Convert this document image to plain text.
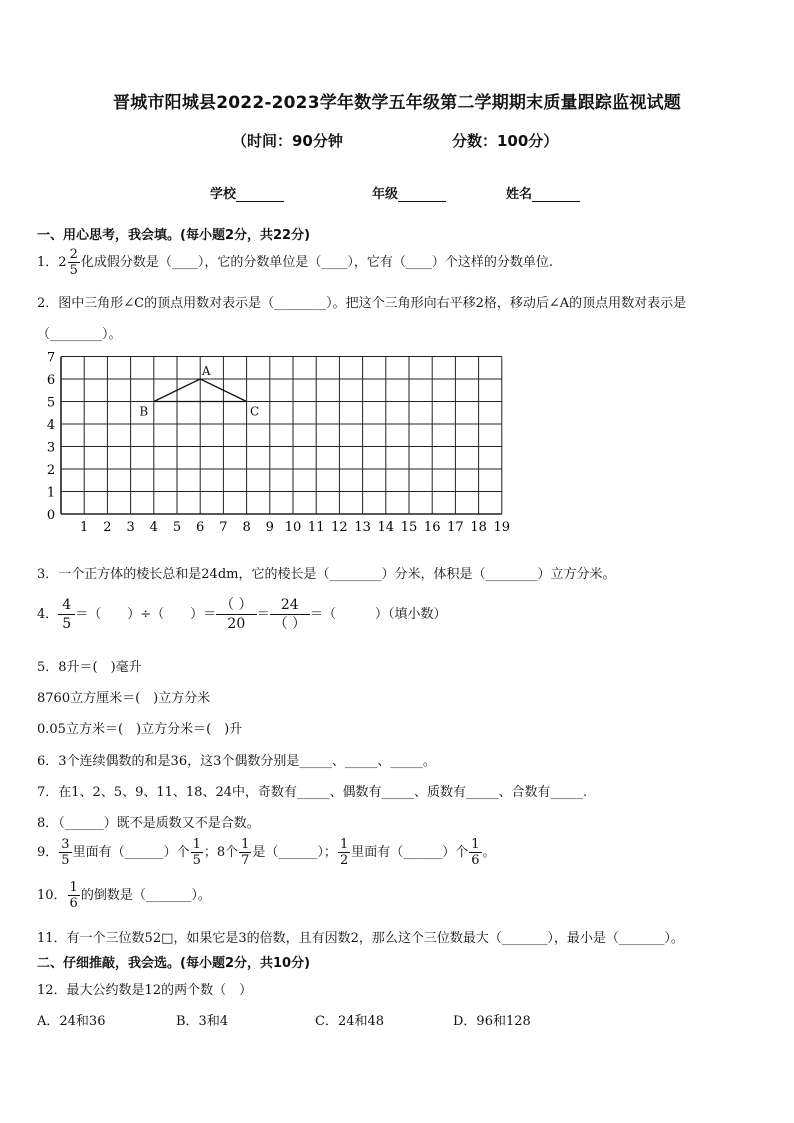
晋城市阳城县2022-2023学年数学五年级第二学期期末质量跟踪监视试题
（时间：90分钟	分数：100分）
学校	年级	姓名
一、用心思考，我会填。(每小题2分，共22分)
1．$2 \frac{2}{5}$ 化成假分数是（____），它的分数单位是（____），它有（____）个这样的分数单位.
2．图中三角形∠C的顶点用数对表示是（________）。把这个三角形向右平移2格，移动后∠A的顶点用数对表示是
（________）。
1 2 3 4 5 6 7 8 9 10 11 12 13 14 15 16 17 18 19
0
1
2
3
4
5
6
7
A
B	C
3．一个正方体的棱长总和是24dm，它的棱长是（________）分米，体积是（________）立方分米。
4． $\frac{4}{5}$ ＝（　　）÷（　　）＝ $\frac{( )}{20} = \frac{24}{( )}$ ＝（　　　）（填小数）
5．8升＝(　)毫升
8760立方厘米＝(　)立方分米
0.05立方米＝(　)立方分米＝(　)升
6．3个连续偶数的和是36，这3个偶数分别是_____、_____、_____。
7．在1、2、5、9、11、18、24中，奇数有_____、偶数有_____、质数有_____、合数有_____.
8．（______）既不是质数又不是合数。
9． $\frac{3}{5}$ 里面有（______）个 $\frac{1}{5}$ ；8个 $\frac{1}{7}$ 是（______）； $\frac{1}{2}$ 里面有（______）个 $\frac{1}{6}$ 。
10． $\frac{1}{6}$ 的倒数是（_______）。
11．有一个三位数52□，如果它是3的倍数，且有因数2，那么这个三位数最大（_______），最小是（_______）。
二、仔细推敲，我会选。(每小题2分，共10分)
12．最大公约数是12的两个数（　）
A．24和36	B．3和4	C．24和48	D．96和128
